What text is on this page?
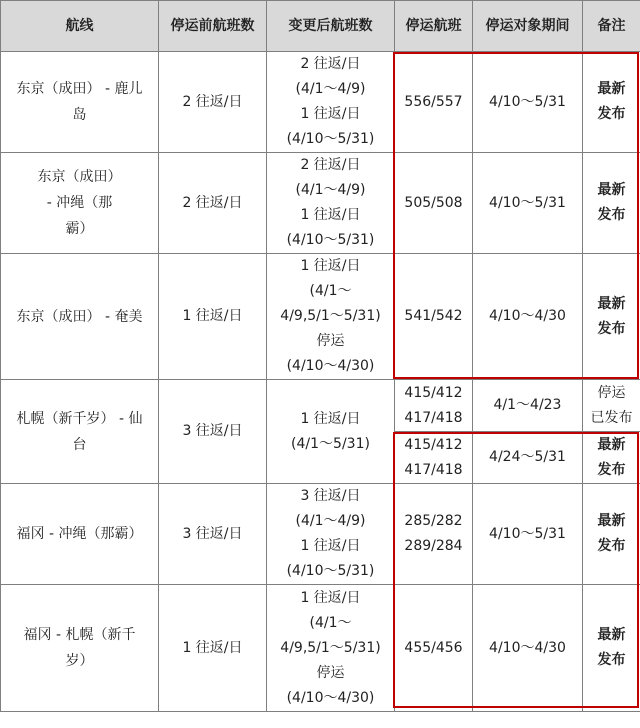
航线	停运前航班数	变更后航班数	停运航班	停运对象期间	备注

东京（成田） - 鹿儿
岛	2 往返/日	2 往返/日
(4/1～4/9)
1 往返/日
(4/10～5/31)	556/557	4/10～5/31	最新
发布

东京（成田）
- 冲绳（那
霸）	2 往返/日	2 往返/日
(4/1～4/9)
1 往返/日
(4/10～5/31)	505/508	4/10～5/31	最新
发布

东京（成田） - 奄美	1 往返/日	1 往返/日
(4/1～
4/9,5/1～5/31)
停运
(4/10～4/30)	541/542	4/10～4/30	最新
发布

札幌（新千岁） - 仙
台	3 往返/日	1 往返/日
(4/1～5/31)	415/412
417/418	4/1～4/23	停运
已发布

			415/412
417/418	4/24～5/31	最新
发布

福冈 - 冲绳（那霸）	3 往返/日	3 往返/日
(4/1～4/9)
1 往返/日
(4/10～5/31)	285/282
289/284	4/10～5/31	最新
发布

福冈 - 札幌（新千
岁）	1 往返/日	1 往返/日
(4/1～
4/9,5/1～5/31)
停运
(4/10～4/30)	455/456	4/10～4/30	最新
发布
